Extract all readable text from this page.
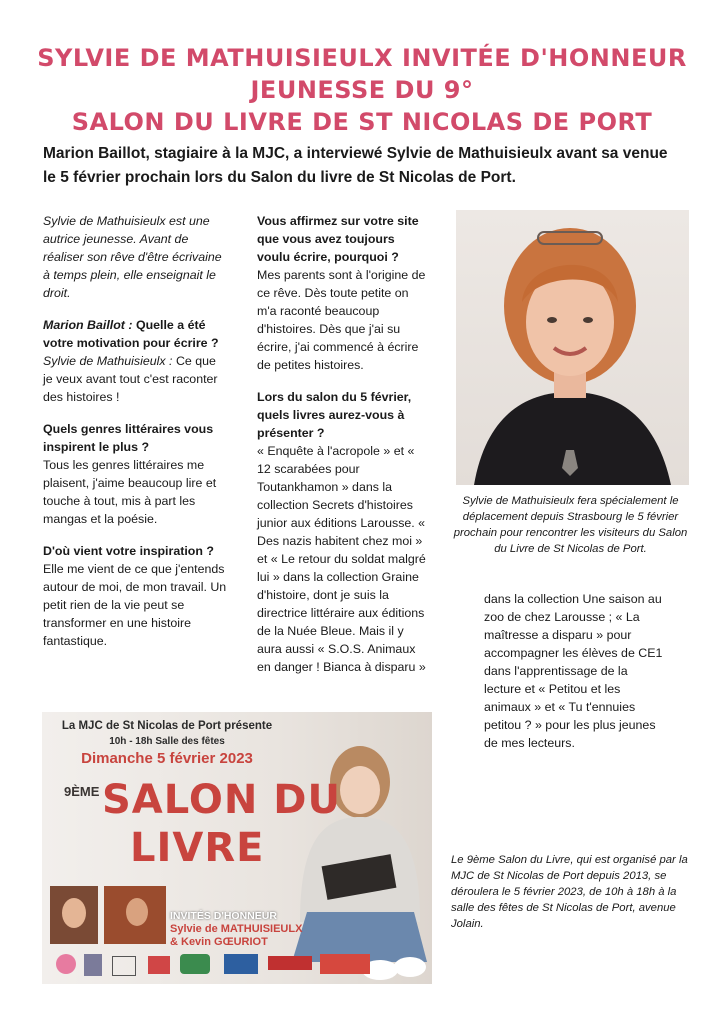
SYLVIE DE MATHUISIEULX INVITÉE D'HONNEUR JEUNESSE DU 9°
SALON DU LIVRE DE ST NICOLAS DE PORT
Marion Baillot, stagiaire à la MJC, a interviewé Sylvie de Mathuisieulx avant sa venue le 5 février prochain lors du Salon du livre de St Nicolas de Port.

Sylvie de Mathuisieulx est une autrice jeunesse. Avant de réaliser son rêve d'être écrivaine à temps plein, elle enseignait le droit.

Marion Baillot : Quelle a été votre motivation pour écrire ?
Sylvie de Mathuisieulx : Ce que je veux avant tout c'est raconter des histoires !

Quels genres littéraires vous inspirent le plus ?
Tous les genres littéraires me plaisent, j'aime beaucoup lire et touche à tout, mis à part les mangas et la poésie.

D'où vient votre inspiration ?
Elle me vient de ce que j'entends autour de moi, de mon travail. Un petit rien de la vie peut se transformer en une histoire fantastique.

Vous affirmez sur votre site que vous avez toujours voulu écrire, pourquoi ?
Mes parents sont à l'origine de ce rêve. Dès toute petite on m'a raconté beaucoup d'histoires. Dès que j'ai su écrire, j'ai commencé à écrire de petites histoires.

Lors du salon du 5 février, quels livres aurez-vous à présenter ?
« Enquête à l'acropole » et « 12 scarabées pour Toutankhamon » dans la collection Secrets d'histoires junior aux éditions Larousse. « Des nazis habitent chez moi » et « Le retour du soldat malgré lui » dans la collection Graine d'histoire, dont je suis la directrice littéraire aux éditions de la Nuée Bleue. Mais il y aura aussi « S.O.S. Animaux en danger ! Bianca à disparu »

Sylvie de Mathuisieulx fera spécialement le déplacement depuis Strasbourg le 5 février prochain pour rencontrer les visiteurs du Salon du Livre de St Nicolas de Port.

dans la collection Une saison au zoo de chez Larousse ; « La maîtresse a disparu » pour accompagner les élèves de CE1 dans l'apprentissage de la lecture et « Petitou et les animaux » et « Tu t'ennuies petitou ? » pour les plus jeunes de mes lecteurs.

La MJC de St Nicolas de Port présente
10h - 18h Salle des fêtes
Dimanche 5 février 2023
9ÈME SALON DU
LIVRE
INVITÉS D'HONNEUR
Sylvie de MATHUISIEULX
& Kevin GŒURIOT
Le 9ème Salon du Livre, qui est organisé par la MJC de St Nicolas de Port depuis 2013, se déroulera le 5 février 2023, de 10h à 18h à la salle des fêtes de St Nicolas de Port, avenue Jolain.
